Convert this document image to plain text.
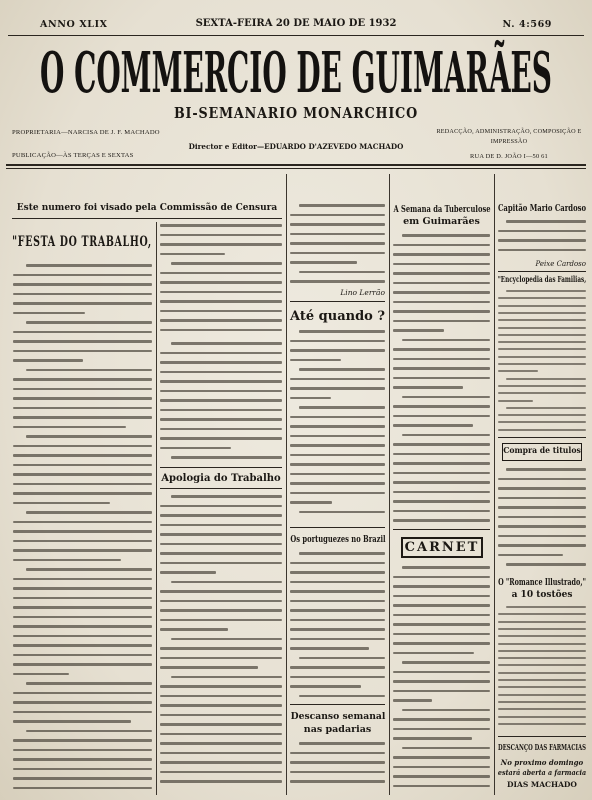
ANNO XLIX	SEXTA-FEIRA 20 DE MAIO DE 1932	N. 4:569
O COMMERCIO DE GUIMARÃES
BI-SEMANARIO MONARCHICO
PROPRIETARIA—NARCISA DE J. F. MACHADO
PUBLICAÇÃO—ÀS TERÇAS E SEXTAS
Director e Editor—EDUARDO D'AZEVEDO MACHADO
REDACÇÃO, ADMINISTRAÇÃO, COMPOSIÇÃO E IMPRESSÃO
RUA DE D. JOÃO I—50 61
Este numero foi visado pela Commissão de Censura
"FESTA DO TRABALHO,
Apologia do Trabalho
Lino Lerrão
Até quando ?
Os portuguezes no Brazil
Descanso semanal
nas padarias
A Semana da Tuberculose
em Guimarães
CARNET
Capitão Mario Cardoso
Peixe Cardoso
"Encyclopedia das Familias,
Compra de titulos
O "Romance Illustrado,"
a 10 tostões
DESCANÇO DAS FARMACIAS
No proximo domingo
estará aberta a farmacia
DIAS MACHADO
